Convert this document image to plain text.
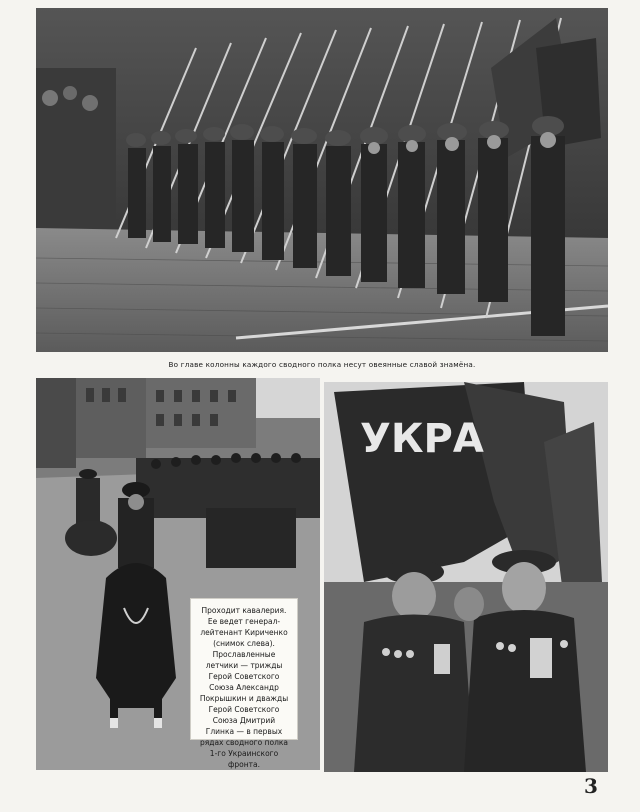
Во главе колонны каждого сводного полка несут овеянные славой знамёна.

Проходит кавалерия. Ее ведет генерал-лейтенант Кириченко (снимок слева). Прославленные летчики — трижды Герой Советского Союза Александр Покрышкин и дважды Герой Советского Союза Дмитрий Глинка — в первых рядах сводного полка 1-го Украинского фронта.

УКРА
3
